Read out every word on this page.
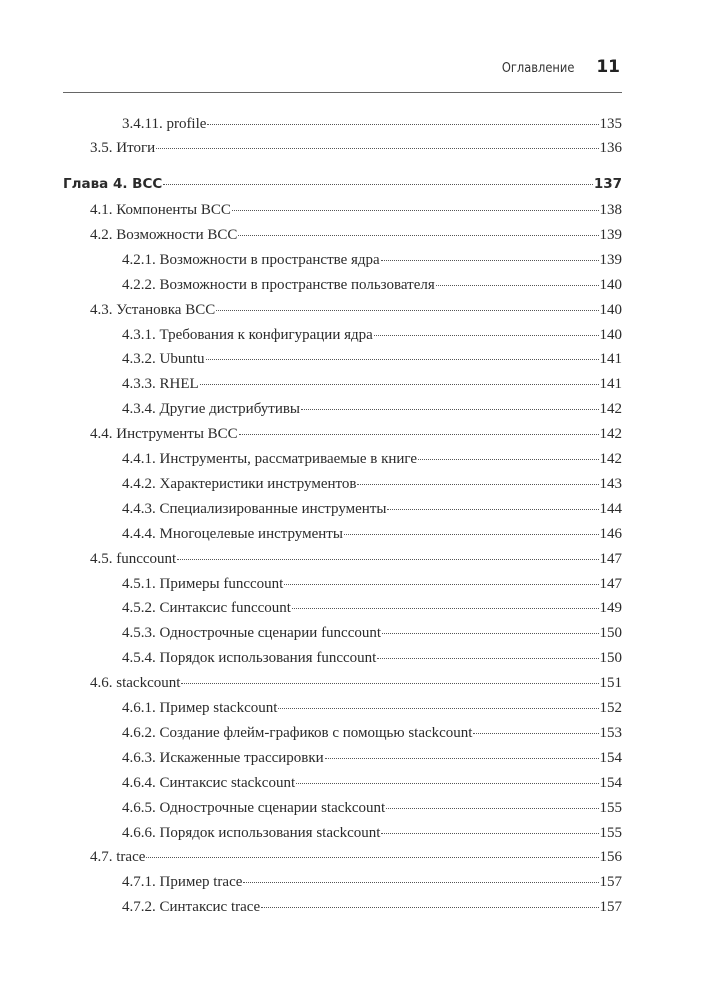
Оглавление 11
3.4.11. profile	135
3.5. Итоги	136
Глава 4. BCC	137
4.1. Компоненты BCC	138
4.2. Возможности BCC	139
4.2.1. Возможности в пространстве ядра	139
4.2.2. Возможности в пространстве пользователя	140
4.3. Установка BCC	140
4.3.1. Требования к конфигурации ядра	140
4.3.2. Ubuntu	141
4.3.3. RHEL	141
4.3.4. Другие дистрибутивы	142
4.4. Инструменты BCC	142
4.4.1. Инструменты, рассматриваемые в книге	142
4.4.2. Характеристики инструментов	143
4.4.3. Специализированные инструменты	144
4.4.4. Многоцелевые инструменты	146
4.5. funccount	147
4.5.1. Примеры funccount	147
4.5.2. Синтаксис funccount	149
4.5.3. Однострочные сценарии funccount	150
4.5.4. Порядок использования funccount	150
4.6. stackcount	151
4.6.1. Пример stackcount	152
4.6.2. Создание флейм-графиков с помощью stackcount	153
4.6.3. Искаженные трассировки	154
4.6.4. Синтаксис stackcount	154
4.6.5. Однострочные сценарии stackcount	155
4.6.6. Порядок использования stackcount	155
4.7. trace	156
4.7.1. Пример trace	157
4.7.2. Синтаксис trace	157
